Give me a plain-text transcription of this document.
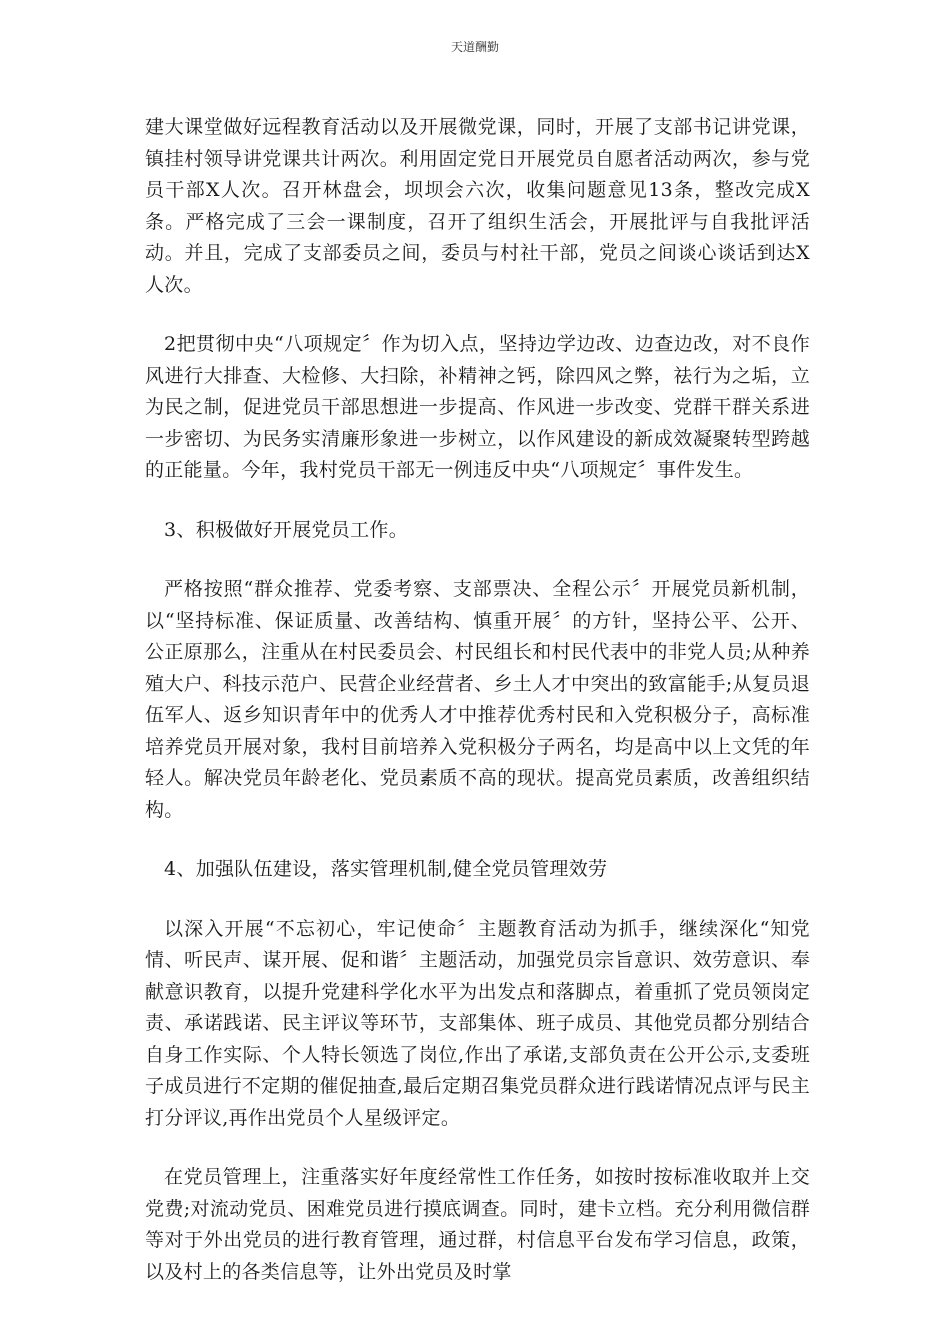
天道酬勤

建大课堂做好远程教育活动以及开展微党课，同时，开展了支部书记讲党课，镇挂村领导讲党课共计两次。利用固定党日开展党员自愿者活动两次，参与党员干部X人次。召开林盘会，坝坝会六次，收集问题意见13条，整改完成X条。严格完成了三会一课制度，召开了组织生活会，开展批评与自我批评活动。并且，完成了支部委员之间，委员与村社干部，党员之间谈心谈话到达X人次。

2把贯彻中央“八项规定〞作为切入点，坚持边学边改、边查边改，对不良作风进行大排查、大检修、大扫除，补精神之钙，除四风之弊，祛行为之垢，立为民之制，促进党员干部思想进一步提高、作风进一步改变、党群干群关系进一步密切、为民务实清廉形象进一步树立，以作风建设的新成效凝聚转型跨越的正能量。今年，我村党员干部无一例违反中央“八项规定〞事件发生。

3、积极做好开展党员工作。

严格按照“群众推荐、党委考察、支部票决、全程公示〞开展党员新机制，以“坚持标准、保证质量、改善结构、慎重开展〞的方针，坚持公平、公开、公正原那么，注重从在村民委员会、村民组长和村民代表中的非党人员;从种养殖大户、科技示范户、民营企业经营者、乡土人才中突出的致富能手;从复员退伍军人、返乡知识青年中的优秀人才中推荐优秀村民和入党积极分子，高标准培养党员开展对象，我村目前培养入党积极分子两名，均是高中以上文凭的年轻人。解决党员年龄老化、党员素质不高的现状。提高党员素质，改善组织结构。

4、加强队伍建设，落实管理机制,健全党员管理效劳

以深入开展“不忘初心，牢记使命〞主题教育活动为抓手，继续深化“知党情、听民声、谋开展、促和谐〞主题活动，加强党员宗旨意识、效劳意识、奉献意识教育，以提升党建科学化水平为出发点和落脚点，着重抓了党员领岗定责、承诺践诺、民主评议等环节，支部集体、班子成员、其他党员都分别结合自身工作实际、个人特长领选了岗位,作出了承诺,支部负责在公开公示,支委班子成员进行不定期的催促抽查,最后定期召集党员群众进行践诺情况点评与民主打分评议,再作出党员个人星级评定。

在党员管理上，注重落实好年度经常性工作任务，如按时按标准收取并上交党费;对流动党员、困难党员进行摸底调查。同时，建卡立档。充分利用微信群等对于外出党员的进行教育管理，通过群，村信息平台发布学习信息，政策，以及村上的各类信息等，让外出党员及时掌
